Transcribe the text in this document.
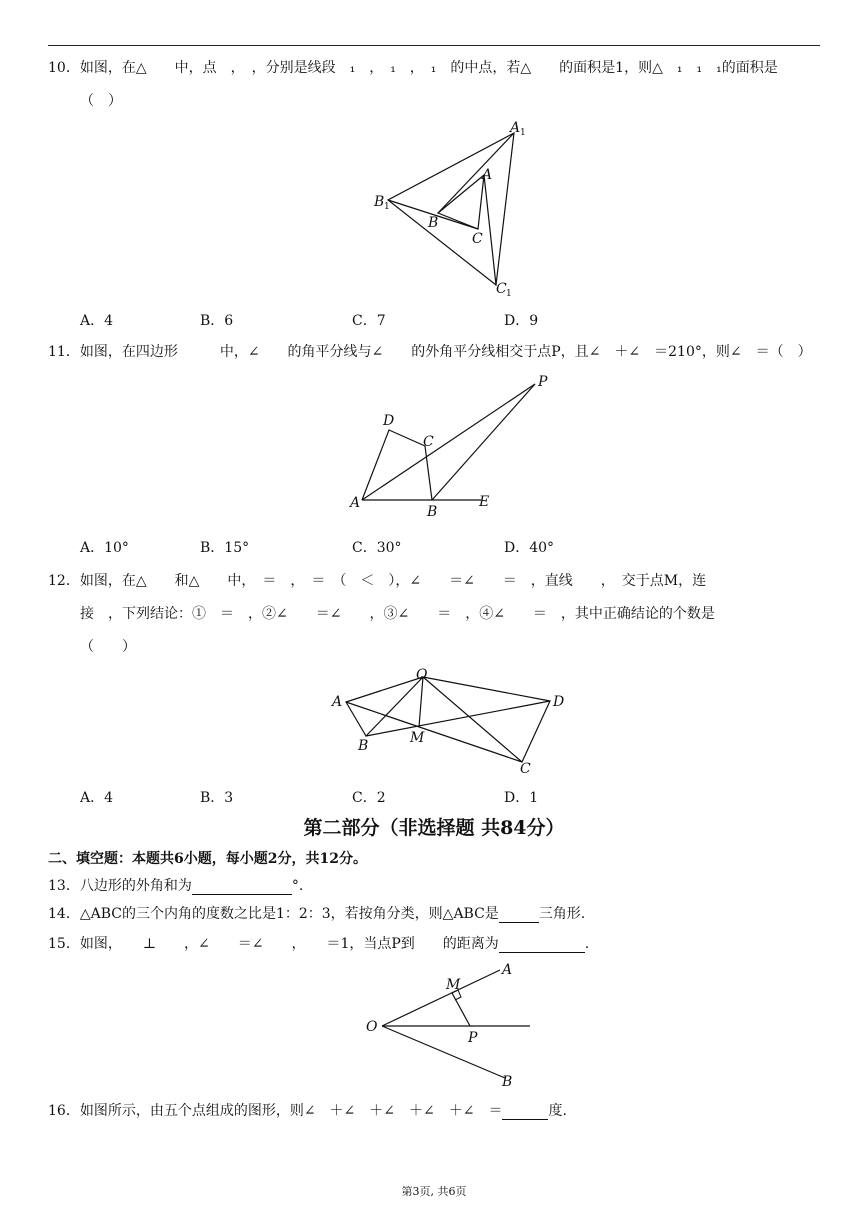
10．如图，在△　　中，点　，　，分别是线段　₁　，　₁　，　₁　的中点，若△　　的面积是1，则△　₁　₁　₁的面积是
（　）
A 1
A
B 1
B
C
C 1
A．4	B．6	C．7	D．9
11．如图，在四边形　　　中，∠　　的角平分线与∠　　的外角平分线相交于点P，且∠　＋∠　＝210°，则∠　＝（　）
P
D
C
A
B
E
A．10°	B．15°	C．30°	D．40°
12．如图，在△　　和△　　中，　＝　，　＝　（　＜　），∠　　＝∠　　＝　，直线　　，　交于点M，连
接　，下列结论：①　＝　，②∠　　＝∠　　，③∠　　＝　，④∠　　＝　，其中正确结论的个数是
（　　）
O
A	D
B	M
C
A．4	B．3	C．2	D．1
第二部分（非选择题 共84分）
二、填空题：本题共6小题，每小题2分，共12分。
13．八边形的外角和为	°.
14．△ABC的三个内角的度数之比是1：2：3，若按角分类，则△ABC是	三角形.
15．如图，　　⊥　　，∠　　＝∠　　，　　＝1，当点P到　　的距离为	.
M
A
O
P
B
16．如图所示，由五个点组成的图形，则∠　＋∠　＋∠　＋∠　＋∠　＝	度.
第3页, 共6页
